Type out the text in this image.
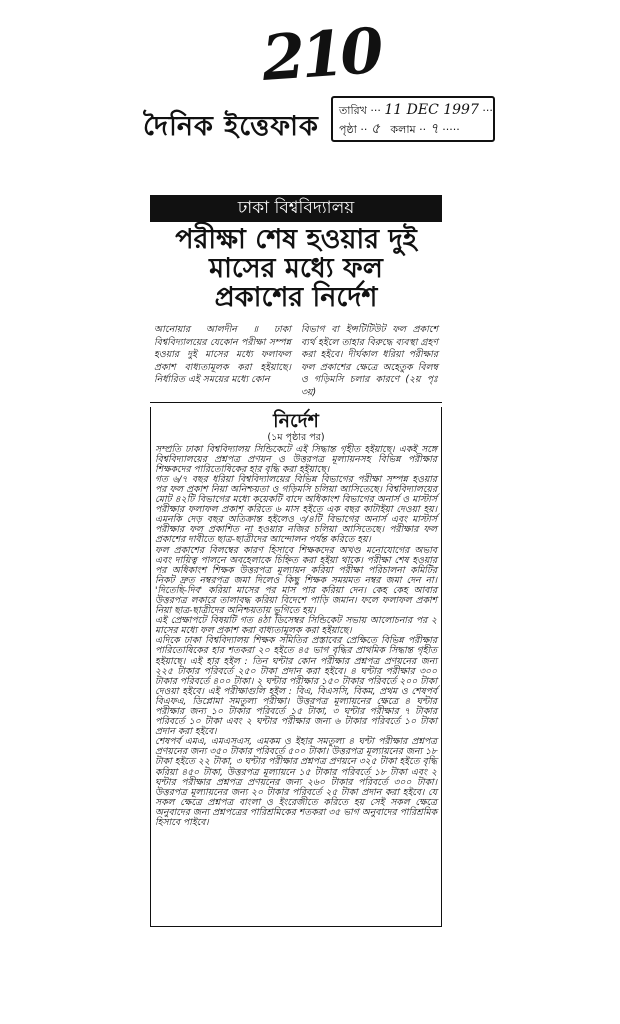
210
দৈনিক ইত্তেফাক
তারিখ ··· 11 DEC 1997 ···
পৃষ্ঠা ·· ৫ কলাম ·· ৭ ·····
ঢাকা বিশ্ববিদ্যালয়
পরীক্ষা শেষ হওয়ার দুই
মাসের মধ্যে ফল
প্রকাশের নির্দেশ
আনোয়ার আলদীন ॥ ঢাকা বিশ্ববিদ্যালয়ের যেকোন পরীক্ষা সম্পন্ন হওয়ার দুই মাসের মধ্যে ফলাফল প্রকাশ বাধ্যতামূলক করা হইয়াছে। নির্ধারিত এই সময়ের মধ্যে কোন
বিভাগ বা ইন্সটিটিউট ফল প্রকাশে ব্যর্থ হইলে তাহার বিরুদ্ধে ব্যবস্থা গ্রহণ করা হইবে। দীর্ঘকাল ধরিয়া পরীক্ষার ফল প্রকাশের ক্ষেত্রে অহেতুক বিলম্ব ও গড়িমসি চলার কারণে (২য় পৃঃ ৩য়)
নির্দেশ
(১ম পৃষ্ঠার পর)

সম্প্রতি ঢাকা বিশ্ববিদ্যালয় সিন্ডিকেটে এই সিদ্ধান্ত গৃহীত হইয়াছে। একই সঙ্গে বিশ্ববিদ্যালয়ের প্রশ্নপত্র প্রণয়ন ও উত্তরপত্র মূল্যায়নসহ বিভিন্ন পরীক্ষার শিক্ষকদের পারিতোষিকের হার বৃদ্ধি করা হইয়াছে।

গত ৬/৭ বছর ধরিয়া বিশ্ববিদ্যালয়ের বিভিন্ন বিভাগের পরীক্ষা সম্পন্ন হওয়ার পর ফল প্রকাশ নিয়া অনিশ্চয়তা ও গড়িমসি চলিয়া আসিতেছে। বিশ্ববিদ্যালয়ের মোট ৪২টি বিভাগের মধ্যে কয়েকটি বাদে অধিকাংশ বিভাগের অনার্স ও মাস্টার্স পরীক্ষার ফলাফল প্রকাশ করিতে ৬ মাস হইতে এক বছর কাটাইয়া দেওয়া হয়। এমনকি দেড় বছর অতিক্রান্ত হইলেও ৩/৪টি বিভাগের অনার্স এবং মাস্টার্স পরীক্ষার ফল প্রকাশিত না হওয়ার নজির চলিয়া আসিতেছে। পরীক্ষার ফল প্রকাশের দাবীতে ছাত্র-ছাত্রীদের আন্দোলন পর্যন্ত করিতে হয়।

ফল প্রকাশের বিলম্বের কারণ হিসাবে শিক্ষকদের অখণ্ড মনোযোগের অভাব এবং দায়িত্ব পালনে অবহেলাকে চিহ্নিত করা হইয়া থাকে। পরীক্ষা শেষ হওয়ার পর অধিকাংশ শিক্ষক উত্তরপত্র মূল্যায়ন করিয়া পরীক্ষা পরিচালনা কমিটির নিকট দ্রুত নম্বরপত্র জমা দিলেও কিছু শিক্ষক সময়মত নম্বর জমা দেন না। 'দিতেছি-দিব' করিয়া মাসের পর মাস পার করিয়া দেন। কেহ কেহ আবার উত্তরপত্র লকারে তালাবদ্ধ করিয়া বিদেশে পাড়ি জমান। ফলে ফলাফল প্রকাশ নিয়া ছাত্র-ছাত্রীদের অনিশ্চয়তায় ভুগিতে হয়।

এই প্রেক্ষাপটে বিষয়টি গত ৪ঠা ডিসেম্বর সিন্ডিকেট সভায় আলোচনার পর ২ মাসের মধ্যে ফল প্রকাশ করা বাধ্যতামূলক করা হইয়াছে।

এদিকে ঢাকা বিশ্ববিদ্যালয় শিক্ষক সমিতির প্রস্তাবের প্রেক্ষিতে বিভিন্ন পরীক্ষার পারিতোষিকের হার শতকরা ২০ হইতে ৪৫ ভাগ বৃদ্ধির প্রাথমিক সিদ্ধান্ত গৃহীত হইয়াছে। এই হার হইল : তিন ঘন্টার কোন পরীক্ষার প্রশ্নপত্র প্রণয়নের জন্য ২২৫ টাকার পরিবর্তে ২৫০ টাকা প্রদান করা হইবে। ৪ ঘন্টার পরীক্ষার ৩০০ টাকার পরিবর্তে ৪০০ টাকা। ২ ঘন্টার পরীক্ষার ১৫০ টাকার পরিবর্তে ২০০ টাকা দেওয়া হইবে। এই পরীক্ষাগুলি হইল : বিএ, বিএসসি, বিকম, প্রথম ও শেষপর্ব বিএফএ, ডিপ্লোমা সমতুল্য পরীক্ষা। উত্তরপত্র মূল্যায়নের ক্ষেত্রে ৪ ঘন্টার পরীক্ষার জন্য ১০ টাকার পরিবর্তে ১৫ টাকা, ৩ ঘন্টার পরীক্ষার ৭ টাকার পরিবর্তে ১০ টাকা এবং ২ ঘন্টার পরীক্ষার জন্য ৬ টাকার পরিবর্তে ১০ টাকা প্রদান করা হইবে।

শেষপর্ব এমএ, এমএসএস, এমকম ও ইহার সমতুল্য ৪ ঘন্টা পরীক্ষার প্রশ্নপত্র প্রণয়নের জন্য ৩৫০ টাকার পরিবর্তে ৫০০ টাকা। উত্তরপত্র মূল্যায়নের জন্য ১৮ টাকা হইতে ২২ টাকা, ৩ ঘন্টার পরীক্ষার প্রশ্নপত্র প্রণয়নে ৩২৫ টাকা হইতে বৃদ্ধি করিয়া ৪৫০ টাকা, উত্তরপত্র মূল্যায়নে ১৫ টাকার পরিবর্তে ১৮ টাকা এবং ২ ঘন্টার পরীক্ষার প্রশ্নপত্র প্রণয়নের জন্য ২৬০ টাকার পরিবর্তে ৩০০ টাকা। উত্তরপত্র মূল্যায়নের জন্য ২০ টাকার পরিবর্তে ২৫ টাকা প্রদান করা হইবে। যে সকল ক্ষেত্রে প্রশ্নপত্র বাংলা ও ইংরেজীতে করিতে হয় সেই সকল ক্ষেত্রে অনুবাদের জন্য প্রশ্নপত্রের পারিশ্রমিকের শতকরা ৩৫ ভাগ অনুবাদের পারিশ্রমিক হিসাবে পাইবে।
